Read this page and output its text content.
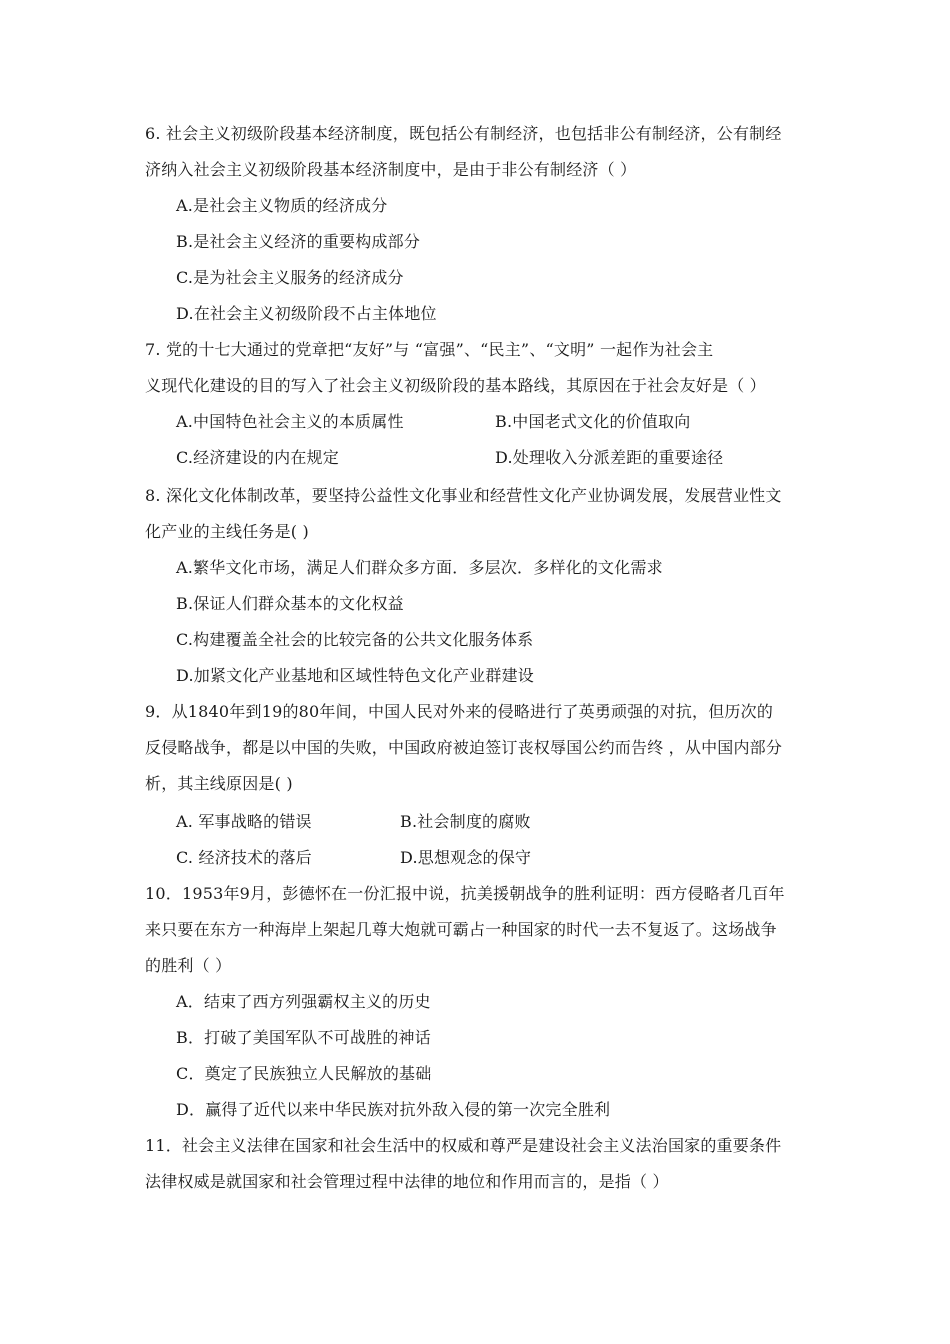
6. 社会主义初级阶段基本经济制度，既包括公有制经济，也包括非公有制经济，公有制经
济纳入社会主义初级阶段基本经济制度中，是由于非公有制经济（ ）
A.是社会主义物质的经济成分
B.是社会主义经济的重要构成部分
C.是为社会主义服务的经济成分
D.在社会主义初级阶段不占主体地位
7. 党的十七大通过的党章把“友好”与 “富强”、“民主”、“文明” 一起作为社会主
义现代化建设的目的写入了社会主义初级阶段的基本路线，其原因在于社会友好是（ ）
A.中国特色社会主义的本质属性	B.中国老式文化的价值取向
C.经济建设的内在规定	D.处理收入分派差距的重要途径
8. 深化文化体制改革，要坚持公益性文化事业和经营性文化产业协调发展，发展营业性文
化产业的主线任务是( )
A.繁华文化市场，满足人们群众多方面．多层次．多样化的文化需求
B.保证人们群众基本的文化权益
C.构建覆盖全社会的比较完备的公共文化服务体系
D.加紧文化产业基地和区域性特色文化产业群建设
9．从1840年到19的80年间，中国人民对外来的侵略进行了英勇顽强的对抗，但历次的
反侵略战争，都是以中国的失败，中国政府被迫签订丧权辱国公约而告终 ，从中国内部分
析，其主线原因是( )
A. 军事战略的错误	B.社会制度的腐败
C. 经济技术的落后	D.思想观念的保守
10．1953年9月，彭德怀在一份汇报中说，抗美援朝战争的胜利证明：西方侵略者几百年
来只要在东方一种海岸上架起几尊大炮就可霸占一种国家的时代一去不复返了。这场战争
的胜利（ ）
A．结束了西方列强霸权主义的历史
B．打破了美国军队不可战胜的神话
C．奠定了民族独立人民解放的基础
D．赢得了近代以来中华民族对抗外敌入侵的第一次完全胜利
11．社会主义法律在国家和社会生活中的权威和尊严是建设社会主义法治国家的重要条件
法律权威是就国家和社会管理过程中法律的地位和作用而言的，是指（ ）
